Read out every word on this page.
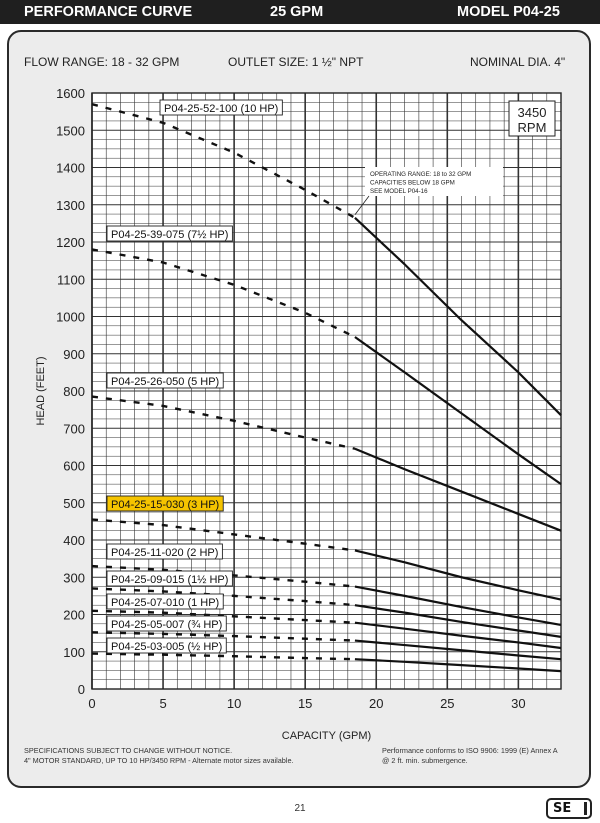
PERFORMANCE CURVE	25 GPM	MODEL P04-25
FLOW RANGE: 18 - 32 GPM	OUTLET SIZE: 1 ½" NPT	NOMINAL DIA. 4"
0
100
200
300
400
500
600
700
800
900
1000
1100
1200
1300
1400
1500
1600
0	5	10	15	20	25	30
CAPACITY (GPM)
HEAD (FEET)
3450
RPM
P04-25-52-100 (10 HP)
P04-25-39-075 (7½ HP)
P04-25-26-050 (5 HP)
P04-25-15-030 (3 HP)
P04-25-11-020 (2 HP)
P04-25-09-015 (1½ HP)
P04-25-07-010 (1 HP)
P04-25-05-007 (¾ HP)
P04-25-03-005 (½ HP)
OPERATING RANGE: 18 to 32 GPM
CAPACITIES BELOW 18 GPM
SEE MODEL P04-16
SPECIFICATIONS SUBJECT TO CHANGE WITHOUT NOTICE.
4" MOTOR STANDARD, UP TO 10 HP/3450 RPM - Alternate motor sizes available.
Performance conforms to ISO 9906: 1999 (E) Annex A
@ 2 ft. min. submergence.
21	SE
